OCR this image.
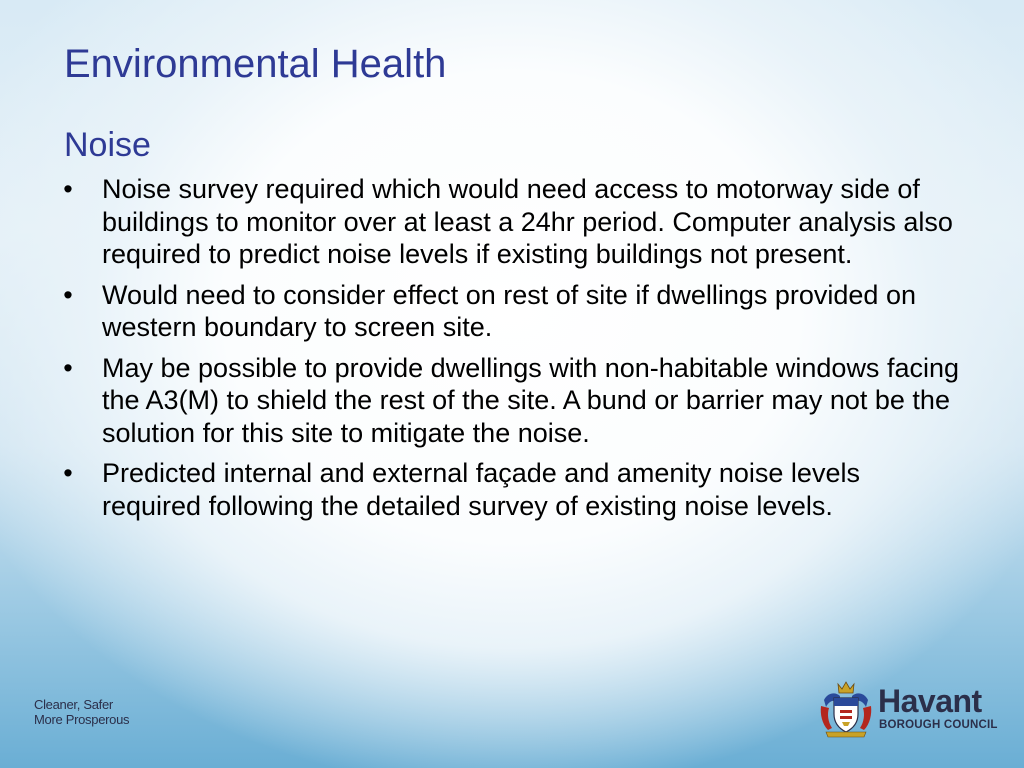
Environmental Health
Noise
• Noise survey required which would need access to motorway side of buildings to monitor over at least a 24hr period. Computer analysis also required to predict noise levels if existing buildings not present.
• Would need to consider effect on rest of site if dwellings provided on western boundary to screen site.
• May be possible to provide dwellings with non-habitable windows facing the A3(M) to shield the rest of the site. A bund or barrier may not be the solution for this site to mitigate the noise.
• Predicted internal and external façade and amenity noise levels required following the detailed survey of existing noise levels.
Cleaner, Safer
More Prosperous
Havant
BOROUGH COUNCIL
